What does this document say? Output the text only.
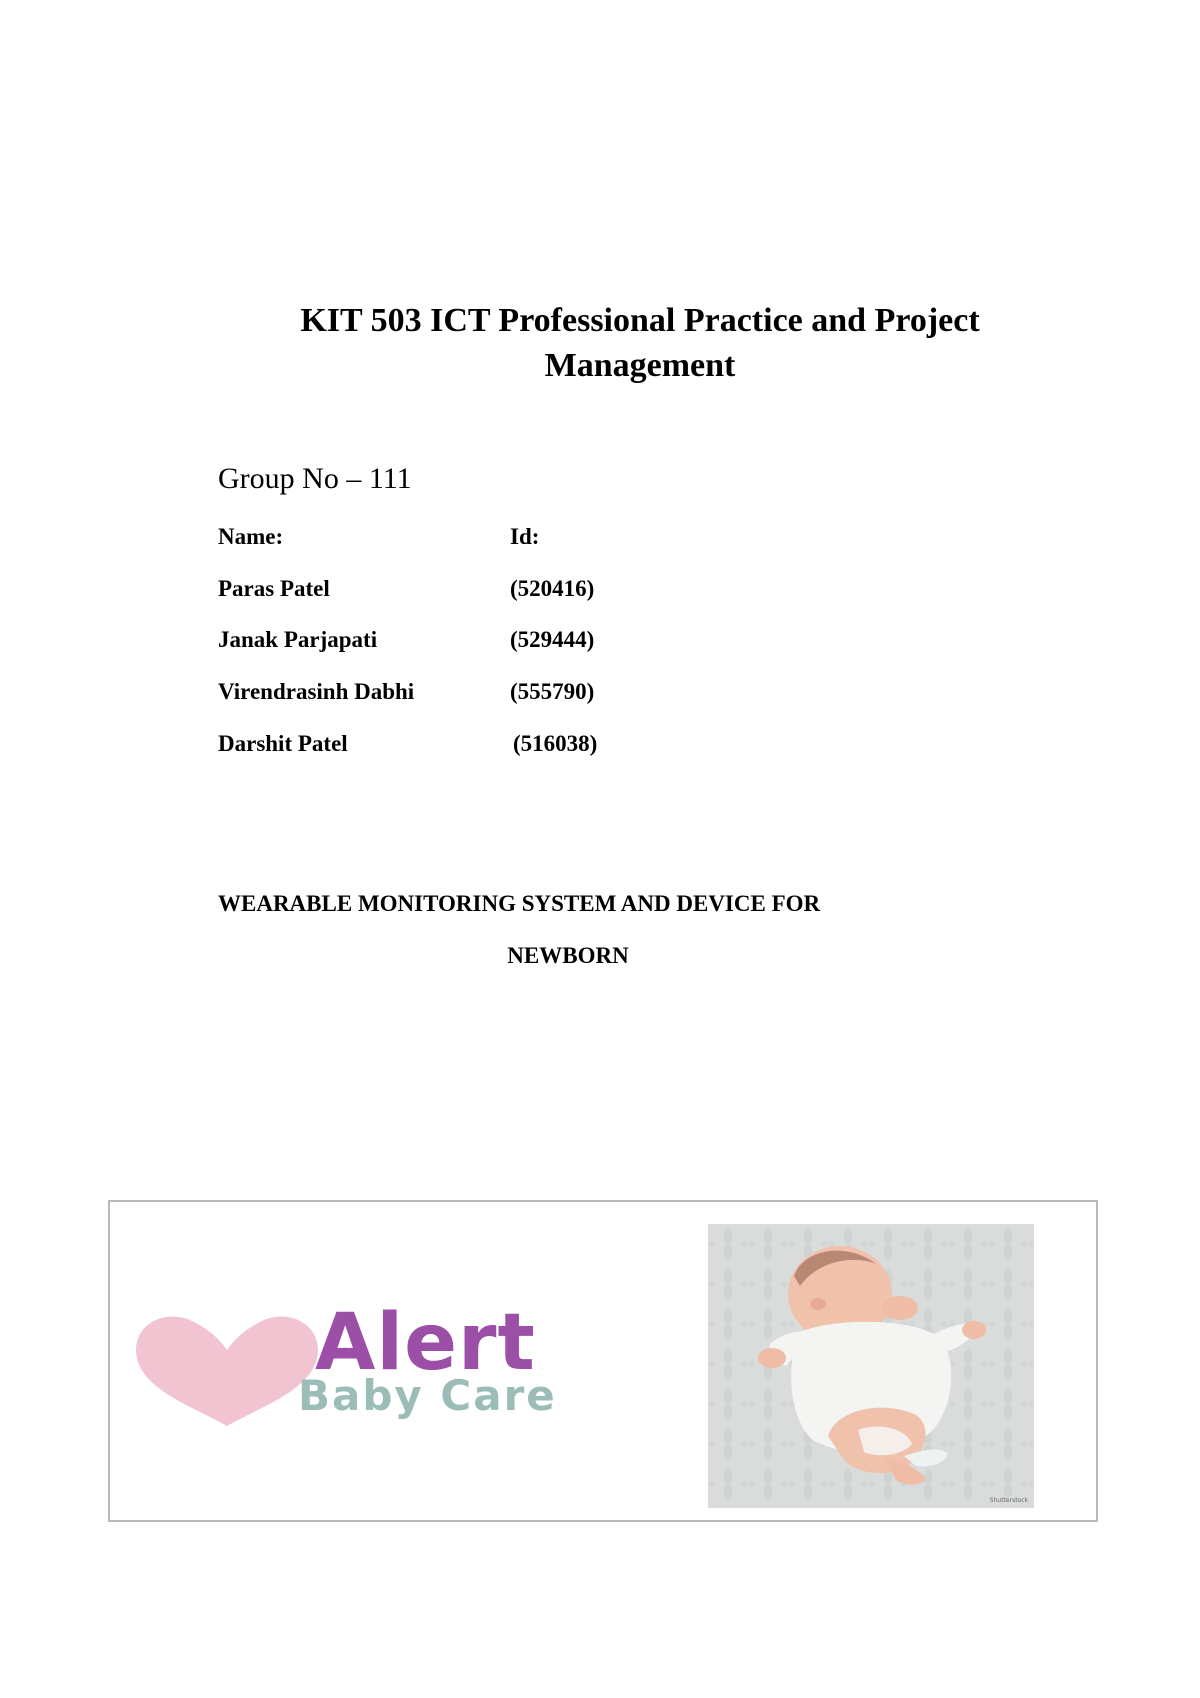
KIT 503 ICT Professional Practice and Project
Management
Group No – 111
Name:	Id:
Paras Patel	(520416)
Janak Parjapati	(529444)
Virendrasinh Dabhi	(555790)
Darshit Patel	(516038)
WEARABLE MONITORING SYSTEM AND DEVICE FOR
NEWBORN
Alert
Baby Care
Shutterstock
